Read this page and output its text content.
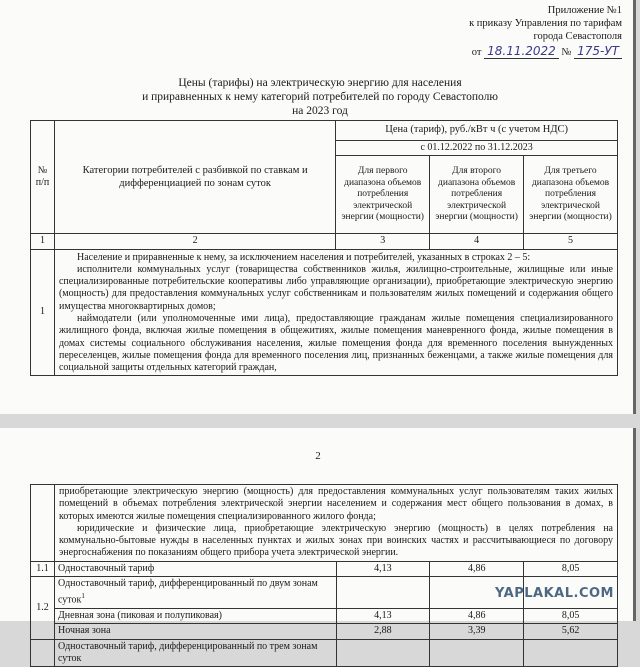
Приложение №1
к приказу Управления по тарифам
города Севастополя
от 18.11.2022 № 175-УТ
Цены (тарифы) на электрическую энергию для населения
и приравненных к нему категорий потребителей по городу Севастополю
на 2023 год
№ п/п	Категории потребителей с разбивкой по ставкам и дифференциацией по зонам суток	Цена (тариф), руб./кВт ч (с учетом НДС)		
		с 01.12.2022 по 31.12.2023		
		Для первого диапазона объемов потребления электрической энергии (мощности)	Для второго диапазона объемов потребления электрической энергии (мощности)	Для третьего диапазона объемов потребления электрической энергии (мощности)
1	2	3	4	5
1	Население и приравненные к нему, за исключением населения и потребителей, указанных в строках 2 – 5:
исполнители коммунальных услуг (товарищества собственников жилья, жилищно-строительные, жилищные или иные специализированные потребительские кооперативы либо управляющие организации), приобретающие электрическую энергию (мощность) для предоставления коммунальных услуг собственникам и пользователям жилых помещений и содержания общего имущества многоквартирных домов;
наймодатели (или уполномоченные ими лица), предоставляющие гражданам жилые помещения специализированного жилищного фонда, включая жилые помещения в общежитиях, жилые помещения маневренного фонда, жилые помещения в домах системы социального обслуживания населения, жилые помещения фонда для временного поселения вынужденных переселенцев, жилые помещения фонда для временного поселения лиц, признанных беженцами, а также жилые помещения для социальной защиты отдельных категорий граждан,			
2

	приобретающие электрическую энергию (мощность) для предоставления коммунальных услуг пользователям таких жилых помещений в объемах потребления электрической энергии населением и содержания мест общего пользования в домах, в которых имеются жилые помещения специализированного жилого фонда;
юридические и физические лица, приобретающие электрическую энергию (мощность) в целях потребления на коммунально-бытовые нужды в населенных пунктах и жилых зонах при воинских частях и рассчитывающиеся по договору энергоснабжения по показаниям общего прибора учета электрической энергии.			

1.1	Одноставочный тариф	4,13	4,86	8,05
1.2	Одноставочный тариф, дифференцированный по двум зонам суток$^1$			
	Дневная зона (пиковая и полупиковая)	4,13	4,86	8,05
	Ночная зона	2,88	3,39	5,62
	Одноставочный тариф, дифференцированный по трем зонам суток			
YAPLAKAL.COM
